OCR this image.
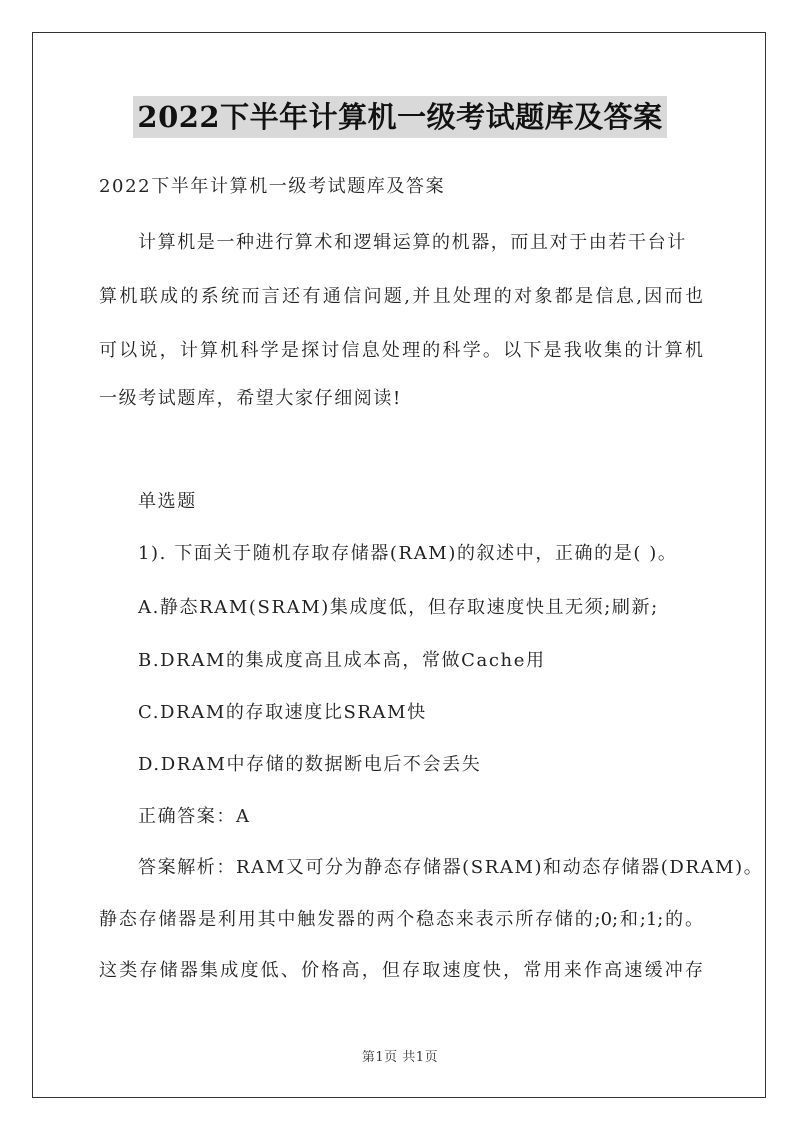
2022下半年计算机一级考试题库及答案
2022下半年计算机一级考试题库及答案
计算机是一种进行算术和逻辑运算的机器，而且对于由若干台计
算机联成的系统而言还有通信问题,并且处理的对象都是信息,因而也
可以说，计算机科学是探讨信息处理的科学。以下是我收集的计算机
一级考试题库，希望大家仔细阅读!
单选题
1). 下面关于随机存取存储器(RAM)的叙述中，正确的是( )。
A.静态RAM(SRAM)集成度低，但存取速度快且无须;刷新;
B.DRAM的集成度高且成本高，常做Cache用
C.DRAM的存取速度比SRAM快
D.DRAM中存储的数据断电后不会丢失
正确答案：A
答案解析：RAM又可分为静态存储器(SRAM)和动态存储器(DRAM)。
静态存储器是利用其中触发器的两个稳态来表示所存储的;0;和;1;的。
这类存储器集成度低、价格高，但存取速度快，常用来作高速缓冲存
第1页 共1页
